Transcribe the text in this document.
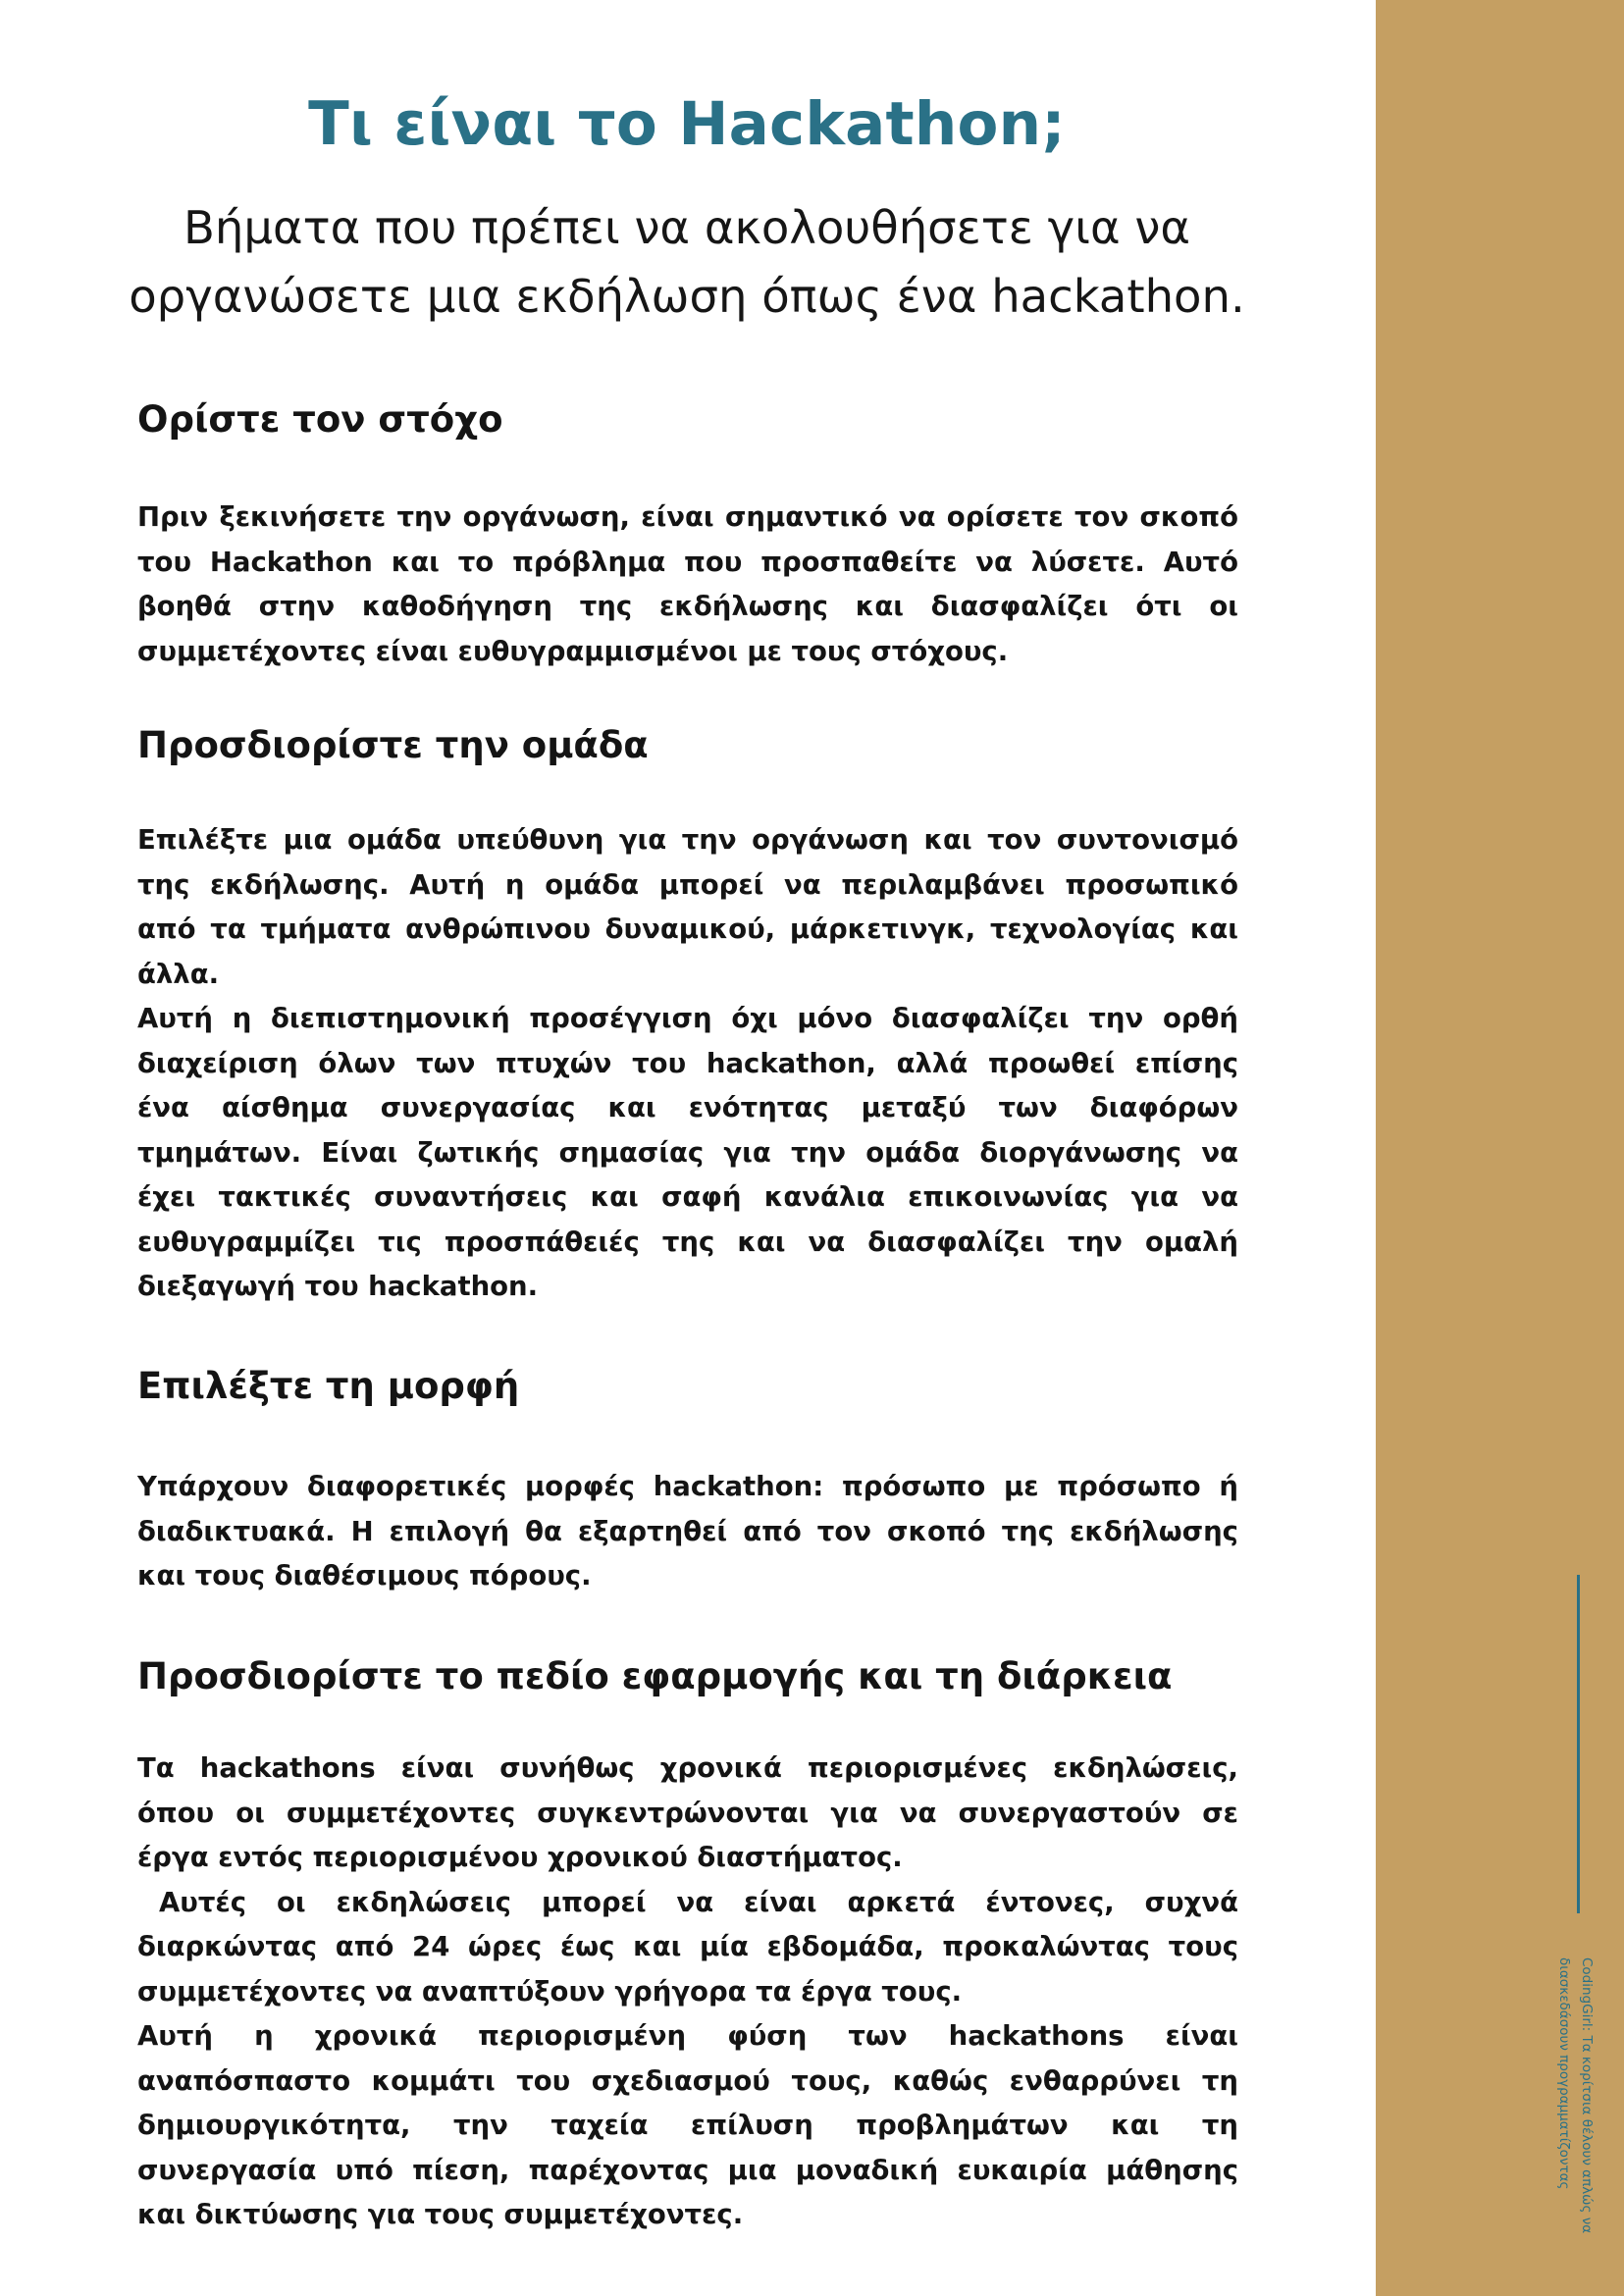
Τι είναι το Hackathon;
Βήματα που πρέπει να ακολουθήσετε για να
οργανώσετε μια εκδήλωση όπως ένα hackathon.
Ορίστε τον στόχο
Πριν ξεκινήσετε την οργάνωση, είναι σημαντικό να ορίσετε τον σκοπό
του Hackathon και το πρόβλημα που προσπαθείτε να λύσετε. Αυτό
βοηθά στην καθοδήγηση της εκδήλωσης και διασφαλίζει ότι οι
συμμετέχοντες είναι ευθυγραμμισμένοι με τους στόχους.
Προσδιορίστε την ομάδα
Επιλέξτε μια ομάδα υπεύθυνη για την οργάνωση και τον συντονισμό
της εκδήλωσης. Αυτή η ομάδα μπορεί να περιλαμβάνει προσωπικό
από τα τμήματα ανθρώπινου δυναμικού, μάρκετινγκ, τεχνολογίας και
άλλα.
Αυτή η διεπιστημονική προσέγγιση όχι μόνο διασφαλίζει την ορθή
διαχείριση όλων των πτυχών του hackathon, αλλά προωθεί επίσης
ένα αίσθημα συνεργασίας και ενότητας μεταξύ των διαφόρων
τμημάτων. Είναι ζωτικής σημασίας για την ομάδα διοργάνωσης να
έχει τακτικές συναντήσεις και σαφή κανάλια επικοινωνίας για να
ευθυγραμμίζει τις προσπάθειές της και να διασφαλίζει την ομαλή
διεξαγωγή του hackathon.
Επιλέξτε τη μορφή
Υπάρχουν διαφορετικές μορφές hackathon: πρόσωπο με πρόσωπο ή
διαδικτυακά. Η επιλογή θα εξαρτηθεί από τον σκοπό της εκδήλωσης
και τους διαθέσιμους πόρους.
Προσδιορίστε το πεδίο εφαρμογής και τη διάρκεια
Τα hackathons είναι συνήθως χρονικά περιορισμένες εκδηλώσεις,
όπου οι συμμετέχοντες συγκεντρώνονται για να συνεργαστούν σε
έργα εντός περιορισμένου χρονικού διαστήματος.
Αυτές οι εκδηλώσεις μπορεί να είναι αρκετά έντονες, συχνά
διαρκώντας από 24 ώρες έως και μία εβδομάδα, προκαλώντας τους
συμμετέχοντες να αναπτύξουν γρήγορα τα έργα τους.
Αυτή η χρονικά περιορισμένη φύση των hackathons είναι
αναπόσπαστο κομμάτι του σχεδιασμού τους, καθώς ενθαρρύνει τη
δημιουργικότητα, την ταχεία επίλυση προβλημάτων και τη
συνεργασία υπό πίεση, παρέχοντας μια μοναδική ευκαιρία μάθησης
και δικτύωσης για τους συμμετέχοντες.	CodingGirl: Τα κορίτσια θέλουν απλώς να
διασκεδάσουν προγραμματίζοντας
